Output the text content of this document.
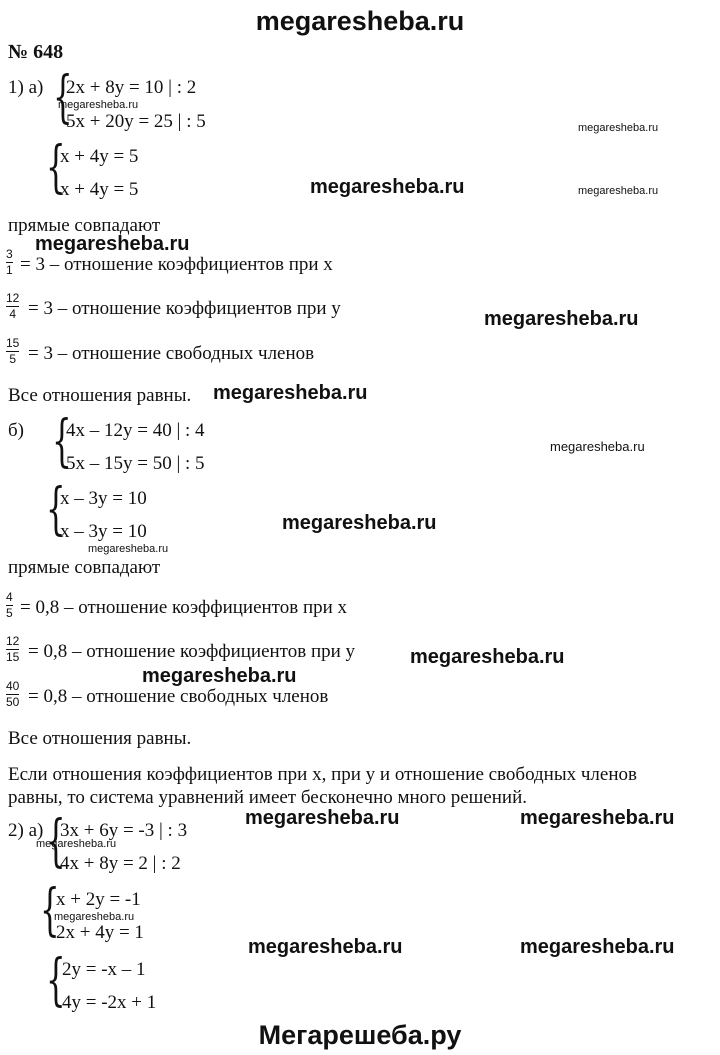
megaresheba.ru
№ 648
1) а) {
2x + 8y = 10 | : 2
megaresheba.ru
5x + 20y = 25 | : 5	megaresheba.ru
{
x + 4y = 5
x + 4y = 5	megaresheba.ru	megaresheba.ru
прямые совпадают
megaresheba.ru
3
1 = 3 – отношение коэффициентов при x
12
4 = 3 – отношение коэффициентов при y	megaresheba.ru
15
5 = 3 – отношение свободных членов
Все отношения равны. megaresheba.ru
б) {
4x – 12y = 40 | : 4
megaresheba.ru
5x – 15y = 50 | : 5
{
x – 3y = 10
x – 3y = 10	megaresheba.ru
megaresheba.ru
прямые совпадают
4
5 = 0,8 – отношение коэффициентов при x
12
15 = 0,8 – отношение коэффициентов при y	megaresheba.ru
megaresheba.ru
40
50 = 0,8 – отношение свободных членов
Все отношения равны.
Если отношения коэффициентов при x, при y и отношение свободных членов
равны, то система уравнений имеет бесконечно много решений.
2) а) {
3x + 6y = -3 | : 3
megaresheba.ru	megaresheba.ru
megaresheba.ru
4x + 8y = 2 | : 2
{
x + 2y = -1
megaresheba.ru
2x + 4y = 1
megaresheba.ru	megaresheba.ru
{
2y = -x – 1
4y = -2x + 1
Мегарешеба.ру
